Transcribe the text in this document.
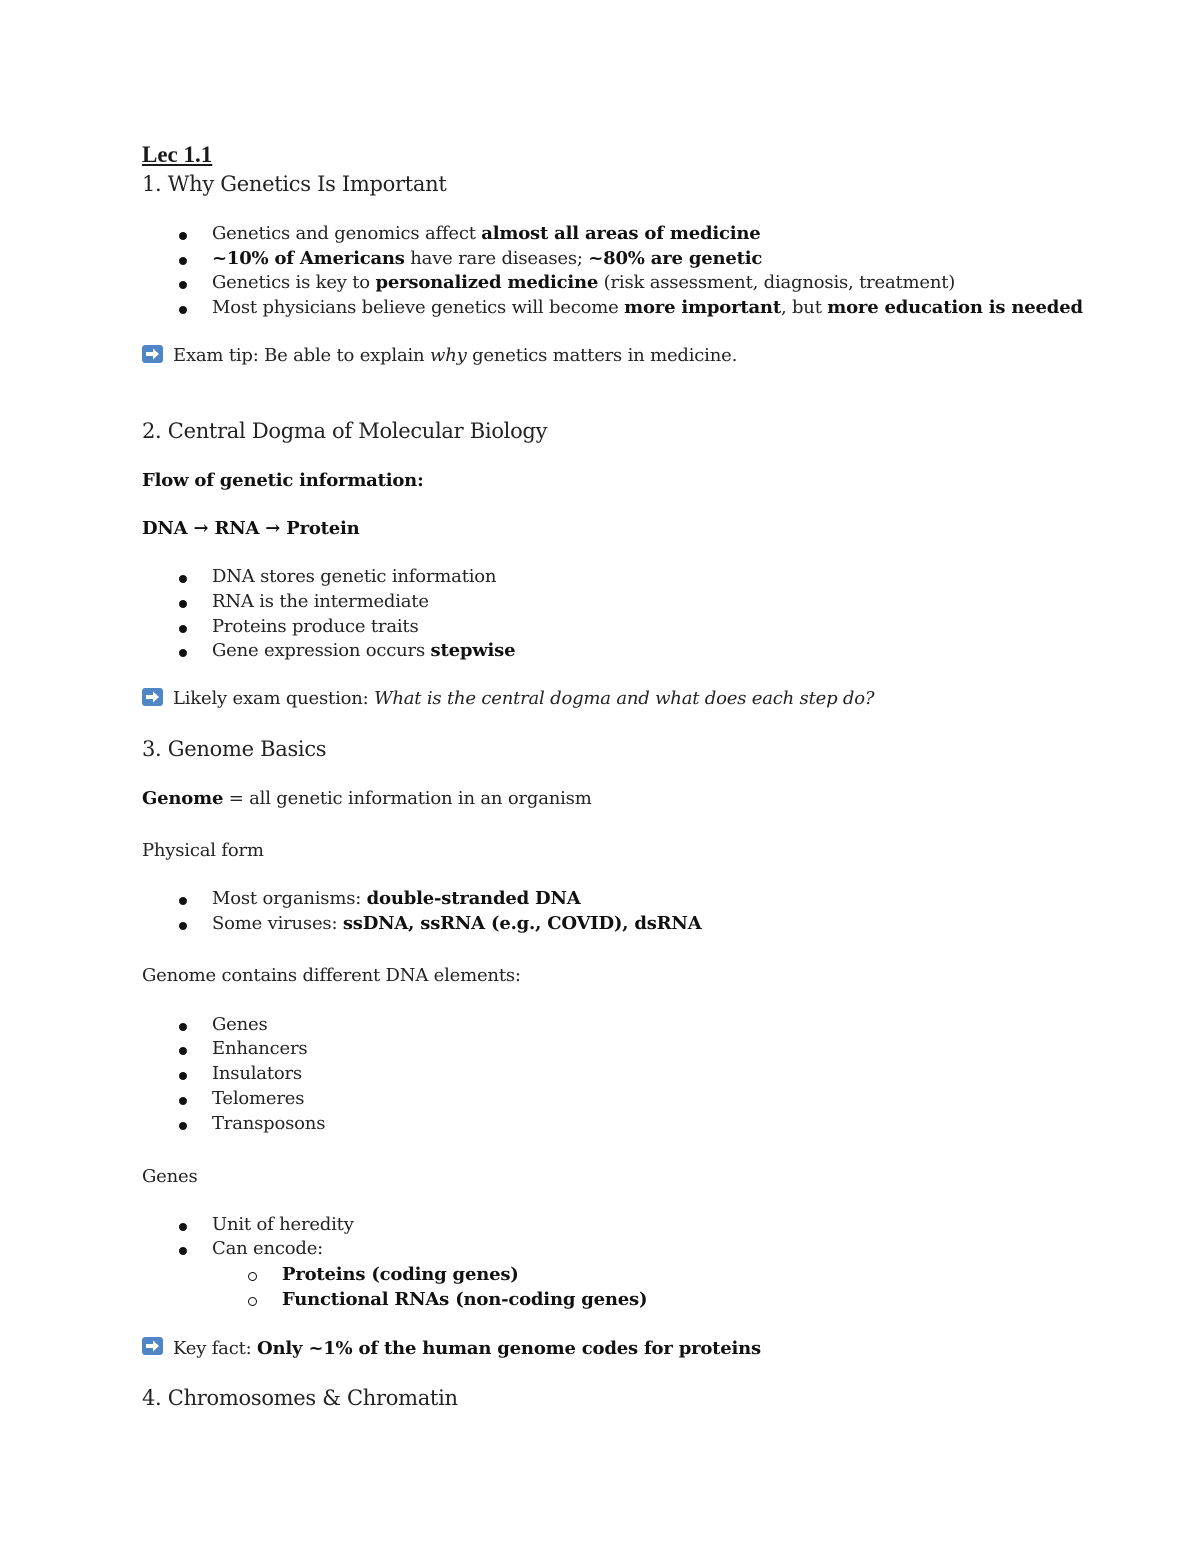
Lec 1.1
1. Why Genetics Is Important
Genetics and genomics affect almost all areas of medicine
~10% of Americans have rare diseases; ~80% are genetic
Genetics is key to personalized medicine (risk assessment, diagnosis, treatment)
Most physicians believe genetics will become more important, but more education is needed
Exam tip: Be able to explain why genetics matters in medicine.
2. Central Dogma of Molecular Biology
Flow of genetic information:
DNA → RNA → Protein
DNA stores genetic information
RNA is the intermediate
Proteins produce traits
Gene expression occurs stepwise
Likely exam question: What is the central dogma and what does each step do?
3. Genome Basics
Genome = all genetic information in an organism
Physical form
Most organisms: double-stranded DNA
Some viruses: ssDNA, ssRNA (e.g., COVID), dsRNA
Genome contains different DNA elements:
Genes
Enhancers
Insulators
Telomeres
Transposons
Genes
Unit of heredity
Can encode:
Proteins (coding genes)
Functional RNAs (non-coding genes)
Key fact: Only ~1% of the human genome codes for proteins
4. Chromosomes & Chromatin
